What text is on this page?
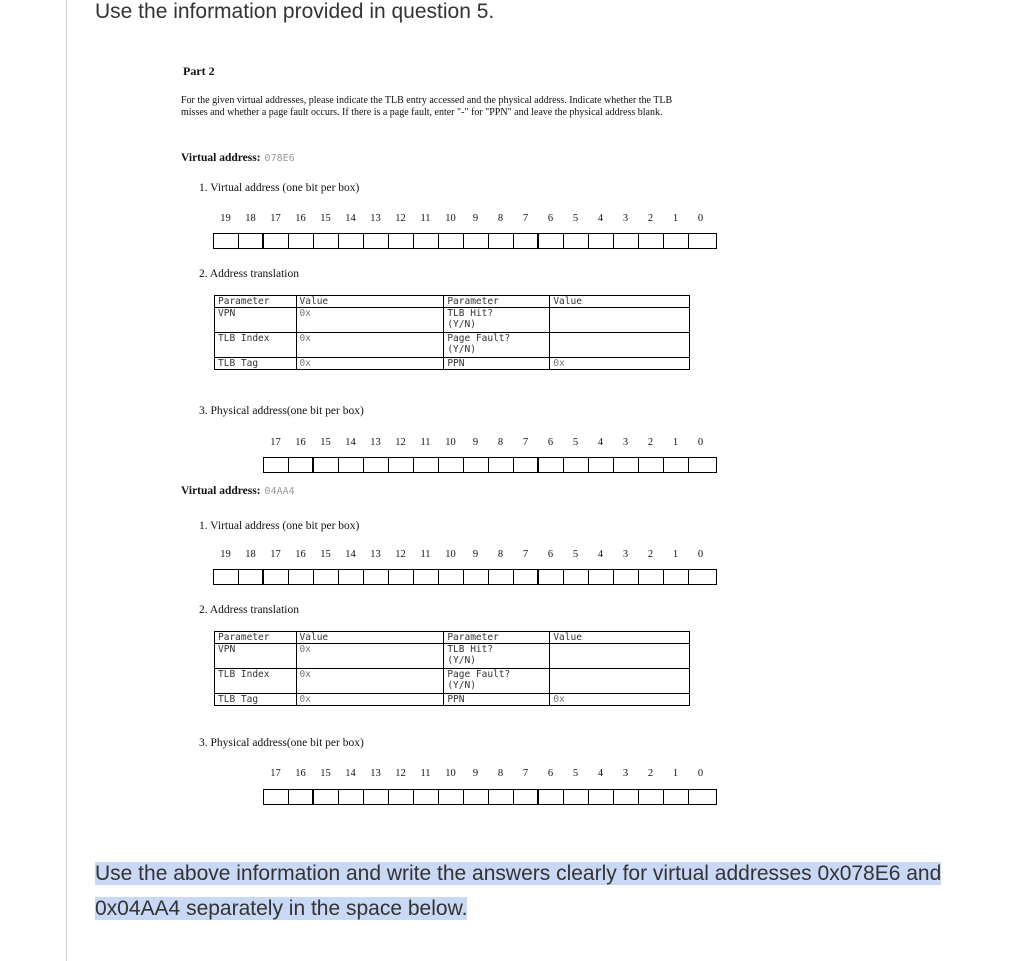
Use the information provided in question 5.
Part 2
For the given virtual addresses, please indicate the TLB entry accessed and the physical address. Indicate whether the TLB misses and whether a page fault occurs. If there is a page fault, enter "-" for "PPN" and leave the physical address blank.
Virtual address: 078E6
1. Virtual address (one bit per box)
19	18	17	16	15	14	13	12	11	10	9	8	7	6	5	4	3	2	1	0
2. Address translation
Parameter	Value	Parameter	Value
VPN	0x	TLB Hit?
(Y/N)	
TLB Index	0x	Page Fault?
(Y/N)	
TLB Tag	0x	PPN	0x
3. Physical address(one bit per box)
17	16	15	14	13	12	11	10	9	8	7	6	5	4	3	2	1	0
Virtual address: 04AA4
1. Virtual address (one bit per box)
19	18	17	16	15	14	13	12	11	10	9	8	7	6	5	4	3	2	1	0
2. Address translation
Parameter	Value	Parameter	Value
VPN	0x	TLB Hit?
(Y/N)	
TLB Index	0x	Page Fault?
(Y/N)	
TLB Tag	0x	PPN	0x
3. Physical address(one bit per box)
17	16	15	14	13	12	11	10	9	8	7	6	5	4	3	2	1	0
Use the above information and write the answers clearly for virtual addresses 0x078E6 and 0x04AA4 separately in the space below.
